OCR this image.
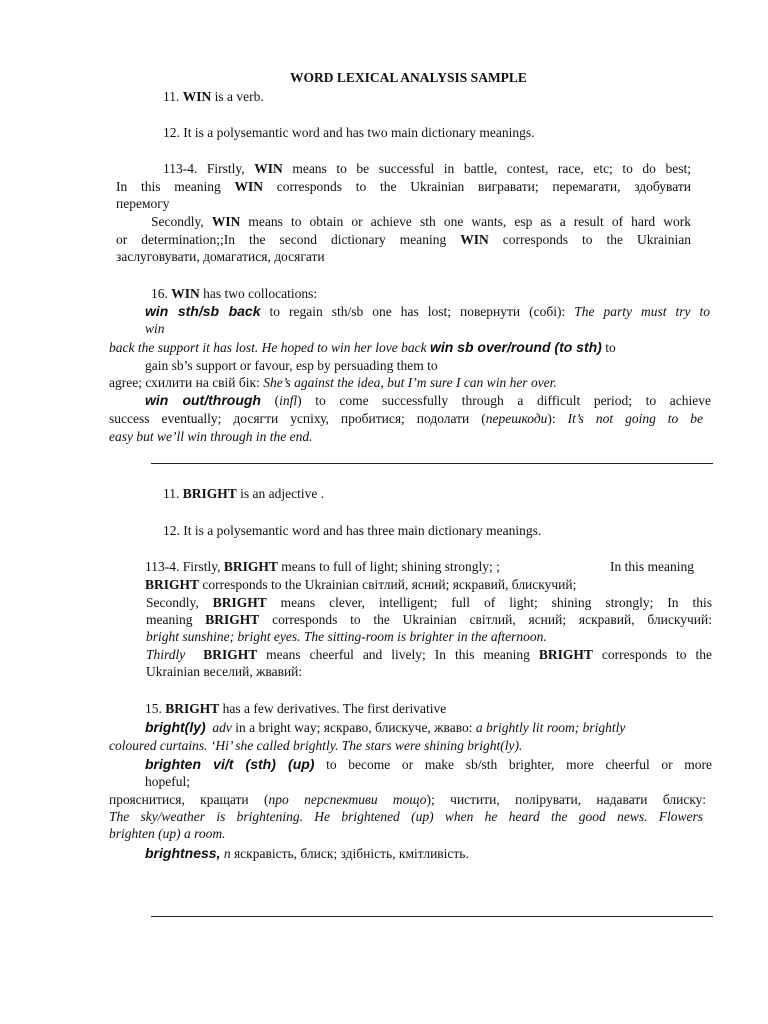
WORD LEXICAL ANALYSIS SAMPLE
11. WIN is a verb.
12. It is a polysemantic word and has two main dictionary meanings.
113-4. Firstly, WIN means to be successful in battle, contest, race, etc; to do best;
In this meaning WIN corresponds to the Ukrainian вигравати; перемагати, здобувати
перемогу
Secondly, WIN means to obtain or achieve sth one wants, esp as a result of hard work
or determination;;In the second dictionary meaning WIN corresponds to the Ukrainian
заслуговувати, домагатися, досягати
16. WIN has two collocations:
win sth/sb back to regain sth/sb one has lost; повернути (собі): The party must try to
win
back the support it has lost. He hoped to win her love back win sb over/round (to sth) to
gain sb’s support or favour, esp by persuading them to
agree; схилити на свій бік: She’s against the idea, but I’m sure I can win her over.
win out/through (infl) to come successfully through a difficult period; to achieve
success eventually; досягти успіху, пробитися; подолати (перешкоди): It’s not going to be
easy but we’ll win through in the end.
11. BRIGHT is an adjective .
12. It is a polysemantic word and has three main dictionary meanings.
113-4. Firstly, BRIGHT means to full of light; shining strongly; ;	In this meaning
BRIGHT corresponds to the Ukrainian світлий, ясний; яскравий, блискучий;
Secondly, BRIGHT means clever, intelligent; full of light; shining strongly; In this
meaning BRIGHT corresponds to the Ukrainian світлий, ясний; яскравий, блискучий:
bright sunshine; bright eyes. The sitting-room is brighter in the afternoon.
Thirdly BRIGHT means cheerful and lively; In this meaning BRIGHT corresponds to the
Ukrainian веселий, жвавий:
15. BRIGHT has a few derivatives. The first derivative
bright(ly) adv in a bright way; яскраво, блискуче, жваво: a brightly lit room; brightly
coloured curtains. ‘Hi’ she called brightly. The stars were shining bright(ly).
brighten vi/t (sth) (up) to become or make sb/sth brighter, more cheerful or more
hopeful;
прояснитися, кращати (про перспективи тощо); чистити, полірувати, надавати блиску:
The sky/weather is brightening. He brightened (up) when he heard the good news. Flowers
brighten (up) a room.
brightness, n яскравість, блиск; здібність, кмітливість.
